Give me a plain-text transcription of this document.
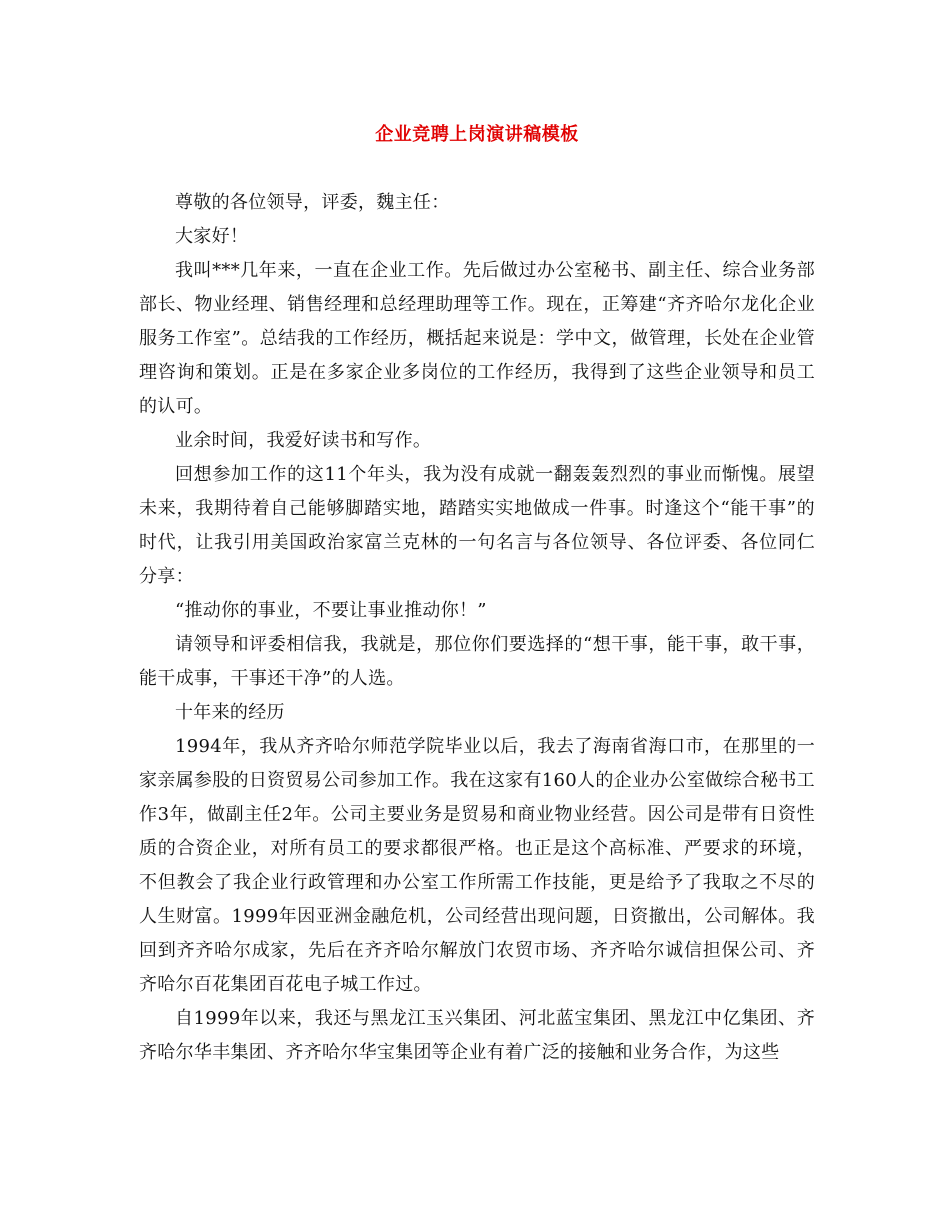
企业竞聘上岗演讲稿模板

尊敬的各位领导，评委，魏主任：

大家好！

我叫***几年来，一直在企业工作。先后做过办公室秘书、副主任、综合业务部部长、物业经理、销售经理和总经理助理等工作。现在，正筹建“齐齐哈尔龙化企业服务工作室”。总结我的工作经历，概括起来说是：学中文，做管理，长处在企业管理咨询和策划。正是在多家企业多岗位的工作经历，我得到了这些企业领导和员工的认可。

业余时间，我爱好读书和写作。

回想参加工作的这11个年头，我为没有成就一翻轰轰烈烈的事业而惭愧。展望未来，我期待着自己能够脚踏实地，踏踏实实地做成一件事。时逢这个“能干事”的时代，让我引用美国政治家富兰克林的一句名言与各位领导、各位评委、各位同仁分享：

“推动你的事业，不要让事业推动你！”

请领导和评委相信我，我就是，那位你们要选择的“想干事，能干事，敢干事，能干成事，干事还干净”的人选。

十年来的经历

1994年，我从齐齐哈尔师范学院毕业以后，我去了海南省海口市，在那里的一家亲属参股的日资贸易公司参加工作。我在这家有160人的企业办公室做综合秘书工作3年，做副主任2年。公司主要业务是贸易和商业物业经营。因公司是带有日资性质的合资企业，对所有员工的要求都很严格。也正是这个高标准、严要求的环境，不但教会了我企业行政管理和办公室工作所需工作技能，更是给予了我取之不尽的人生财富。1999年因亚洲金融危机，公司经营出现问题，日资撤出，公司解体。我回到齐齐哈尔成家，先后在齐齐哈尔解放门农贸市场、齐齐哈尔诚信担保公司、齐齐哈尔百花集团百花电子城工作过。

自1999年以来，我还与黑龙江玉兴集团、河北蓝宝集团、黑龙江中亿集团、齐齐哈尔华丰集团、齐齐哈尔华宝集团等企业有着广泛的接触和业务合作，为这些
